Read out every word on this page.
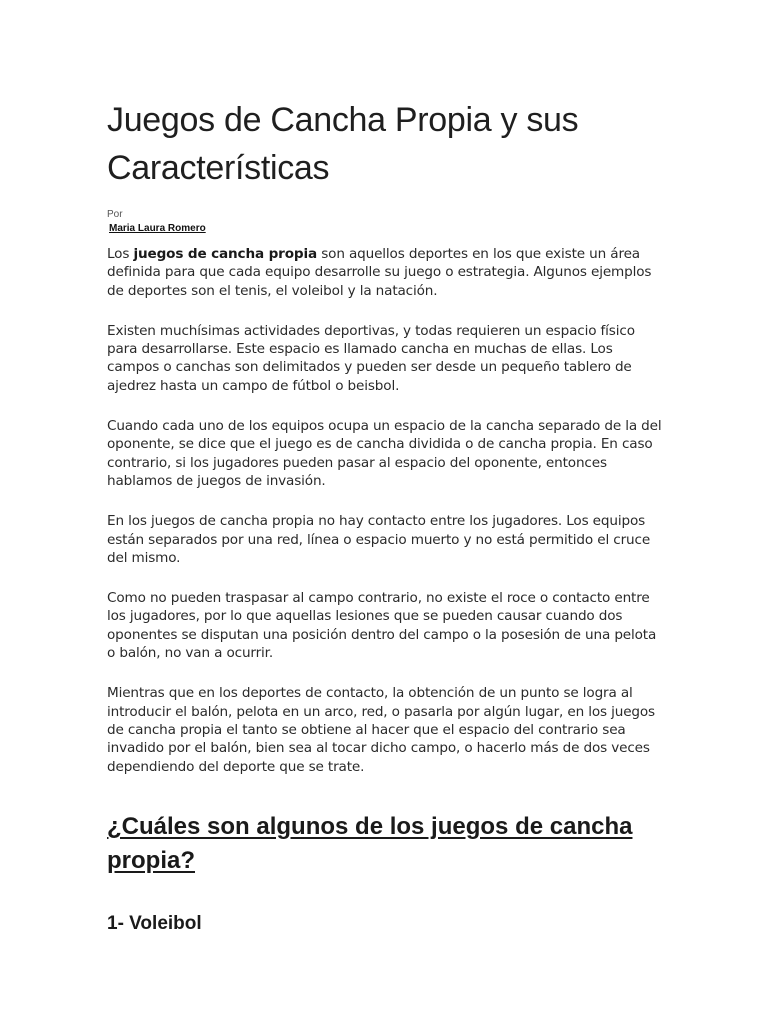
Juegos de Cancha Propia y sus Características
Por
Maria Laura Romero

Los juegos de cancha propia son aquellos deportes en los que existe un área definida para que cada equipo desarrolle su juego o estrategia. Algunos ejemplos de deportes son el tenis, el voleibol y la natación.

Existen muchísimas actividades deportivas, y todas requieren un espacio físico para desarrollarse. Este espacio es llamado cancha en muchas de ellas. Los campos o canchas son delimitados y pueden ser desde un pequeño tablero de ajedrez hasta un campo de fútbol o beisbol.

Cuando cada uno de los equipos ocupa un espacio de la cancha separado de la del oponente, se dice que el juego es de cancha dividida o de cancha propia. En caso contrario, si los jugadores pueden pasar al espacio del oponente, entonces hablamos de juegos de invasión.

En los juegos de cancha propia no hay contacto entre los jugadores. Los equipos están separados por una red, línea o espacio muerto y no está permitido el cruce del mismo.

Como no pueden traspasar al campo contrario, no existe el roce o contacto entre los jugadores, por lo que aquellas lesiones que se pueden causar cuando dos oponentes se disputan una posición dentro del campo o la posesión de una pelota o balón, no van a ocurrir.

Mientras que en los deportes de contacto, la obtención de un punto se logra al introducir el balón, pelota en un arco, red, o pasarla por algún lugar, en los juegos de cancha propia el tanto se obtiene al hacer que el espacio del contrario sea invadido por el balón, bien sea al tocar dicho campo, o hacerlo más de dos veces dependiendo del deporte que se trate.

¿Cuáles son algunos de los juegos de cancha propia?
1- Voleibol
